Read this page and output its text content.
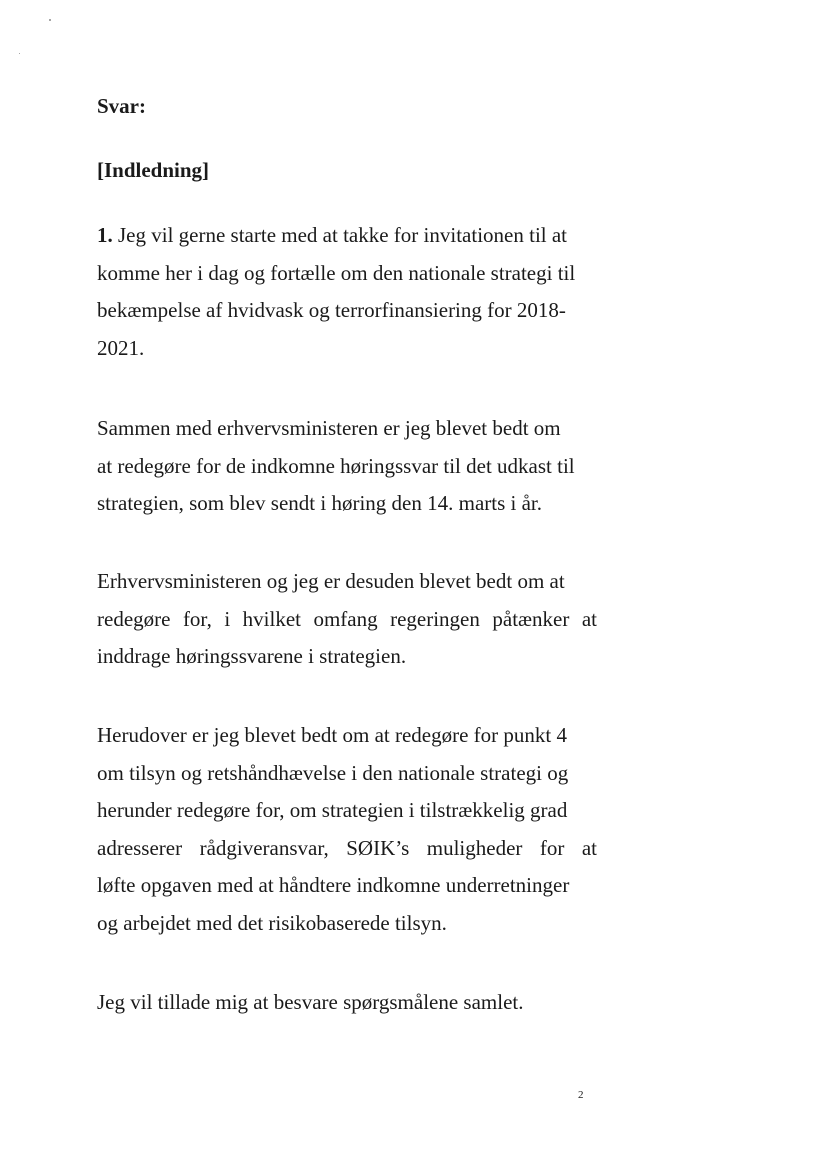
Svar:
[Indledning]

1. Jeg vil gerne starte med at takke for invitationen til at
komme her i dag og fortælle om den nationale strategi til
bekæmpelse af hvidvask og terrorfinansiering for 2018-
2021.

Sammen med erhvervsministeren er jeg blevet bedt om
at redegøre for de indkomne høringssvar til det udkast til
strategien, som blev sendt i høring den 14. marts i år.

Erhvervsministeren og jeg er desuden blevet bedt om at
redegøre for, i hvilket omfang regeringen påtænker at
inddrage høringssvarene i strategien.

Herudover er jeg blevet bedt om at redegøre for punkt 4
om tilsyn og retshåndhævelse i den nationale strategi og
herunder redegøre for, om strategien i tilstrækkelig grad
adresserer rådgiveransvar, SØIK’s muligheder for at
løfte opgaven med at håndtere indkomne underretninger
og arbejdet med det risikobaserede tilsyn.

Jeg vil tillade mig at besvare spørgsmålene samlet.

2
